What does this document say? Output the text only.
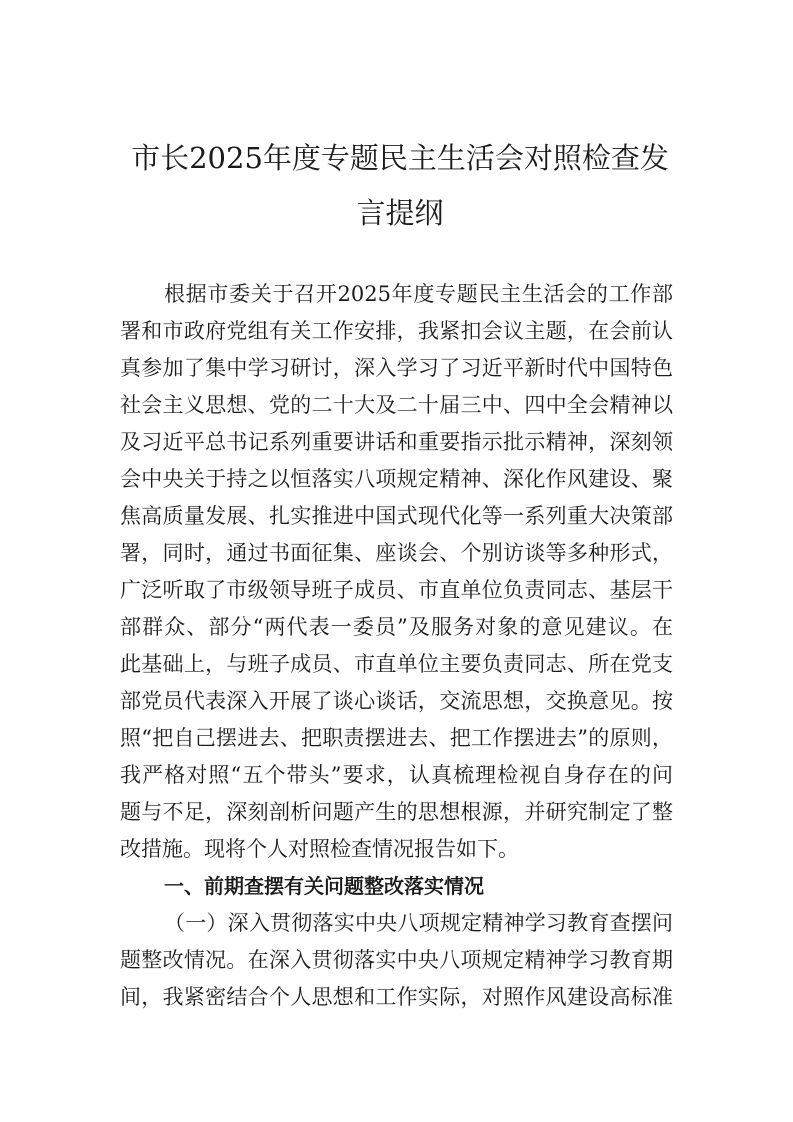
市长2025年度专题民主生活会对照检查发
言提纲
根据市委关于召开2025年度专题民主生活会的工作部
署和市政府党组有关工作安排，我紧扣会议主题，在会前认
真参加了集中学习研讨，深入学习了习近平新时代中国特色
社会主义思想、党的二十大及二十届三中、四中全会精神以
及习近平总书记系列重要讲话和重要指示批示精神，深刻领
会中央关于持之以恒落实八项规定精神、深化作风建设、聚
焦高质量发展、扎实推进中国式现代化等一系列重大决策部
署，同时，通过书面征集、座谈会、个别访谈等多种形式，
广泛听取了市级领导班子成员、市直单位负责同志、基层干
部群众、部分“两代表一委员”及服务对象的意见建议。在
此基础上，与班子成员、市直单位主要负责同志、所在党支
部党员代表深入开展了谈心谈话，交流思想，交换意见。按
照“把自己摆进去、把职责摆进去、把工作摆进去”的原则，
我严格对照“五个带头”要求，认真梳理检视自身存在的问
题与不足，深刻剖析问题产生的思想根源，并研究制定了整
改措施。现将个人对照检查情况报告如下。
一、前期查摆有关问题整改落实情况
（一）深入贯彻落实中央八项规定精神学习教育查摆问
题整改情况。在深入贯彻落实中央八项规定精神学习教育期
间，我紧密结合个人思想和工作实际，对照作风建设高标准
